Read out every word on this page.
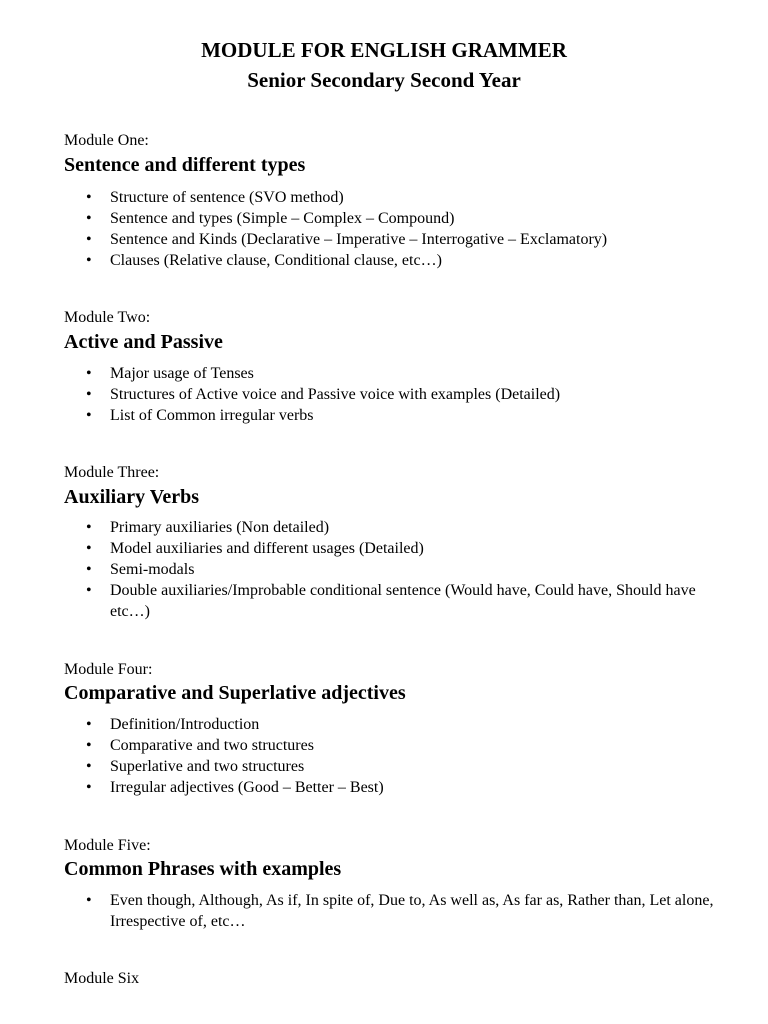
MODULE FOR ENGLISH GRAMMER
Senior Secondary Second Year

Module One:

Sentence and different types
• Structure of sentence (SVO method)
• Sentence and types (Simple – Complex – Compound)
• Sentence and Kinds (Declarative – Imperative – Interrogative – Exclamatory)
• Clauses (Relative clause, Conditional clause, etc…)

Module Two:

Active and Passive
• Major usage of Tenses
• Structures of Active voice and Passive voice with examples (Detailed)
• List of Common irregular verbs

Module Three:

Auxiliary Verbs
• Primary auxiliaries (Non detailed)
• Model auxiliaries and different usages (Detailed)
• Semi-modals
• Double auxiliaries/Improbable conditional sentence (Would have, Could have, Should have etc…)

Module Four:

Comparative and Superlative adjectives
• Definition/Introduction
• Comparative and two structures
• Superlative and two structures
• Irregular adjectives (Good – Better – Best)

Module Five:

Common Phrases with examples
• Even though, Although, As if, In spite of, Due to, As well as, As far as, Rather than, Let alone, Irrespective of, etc…

Module Six
